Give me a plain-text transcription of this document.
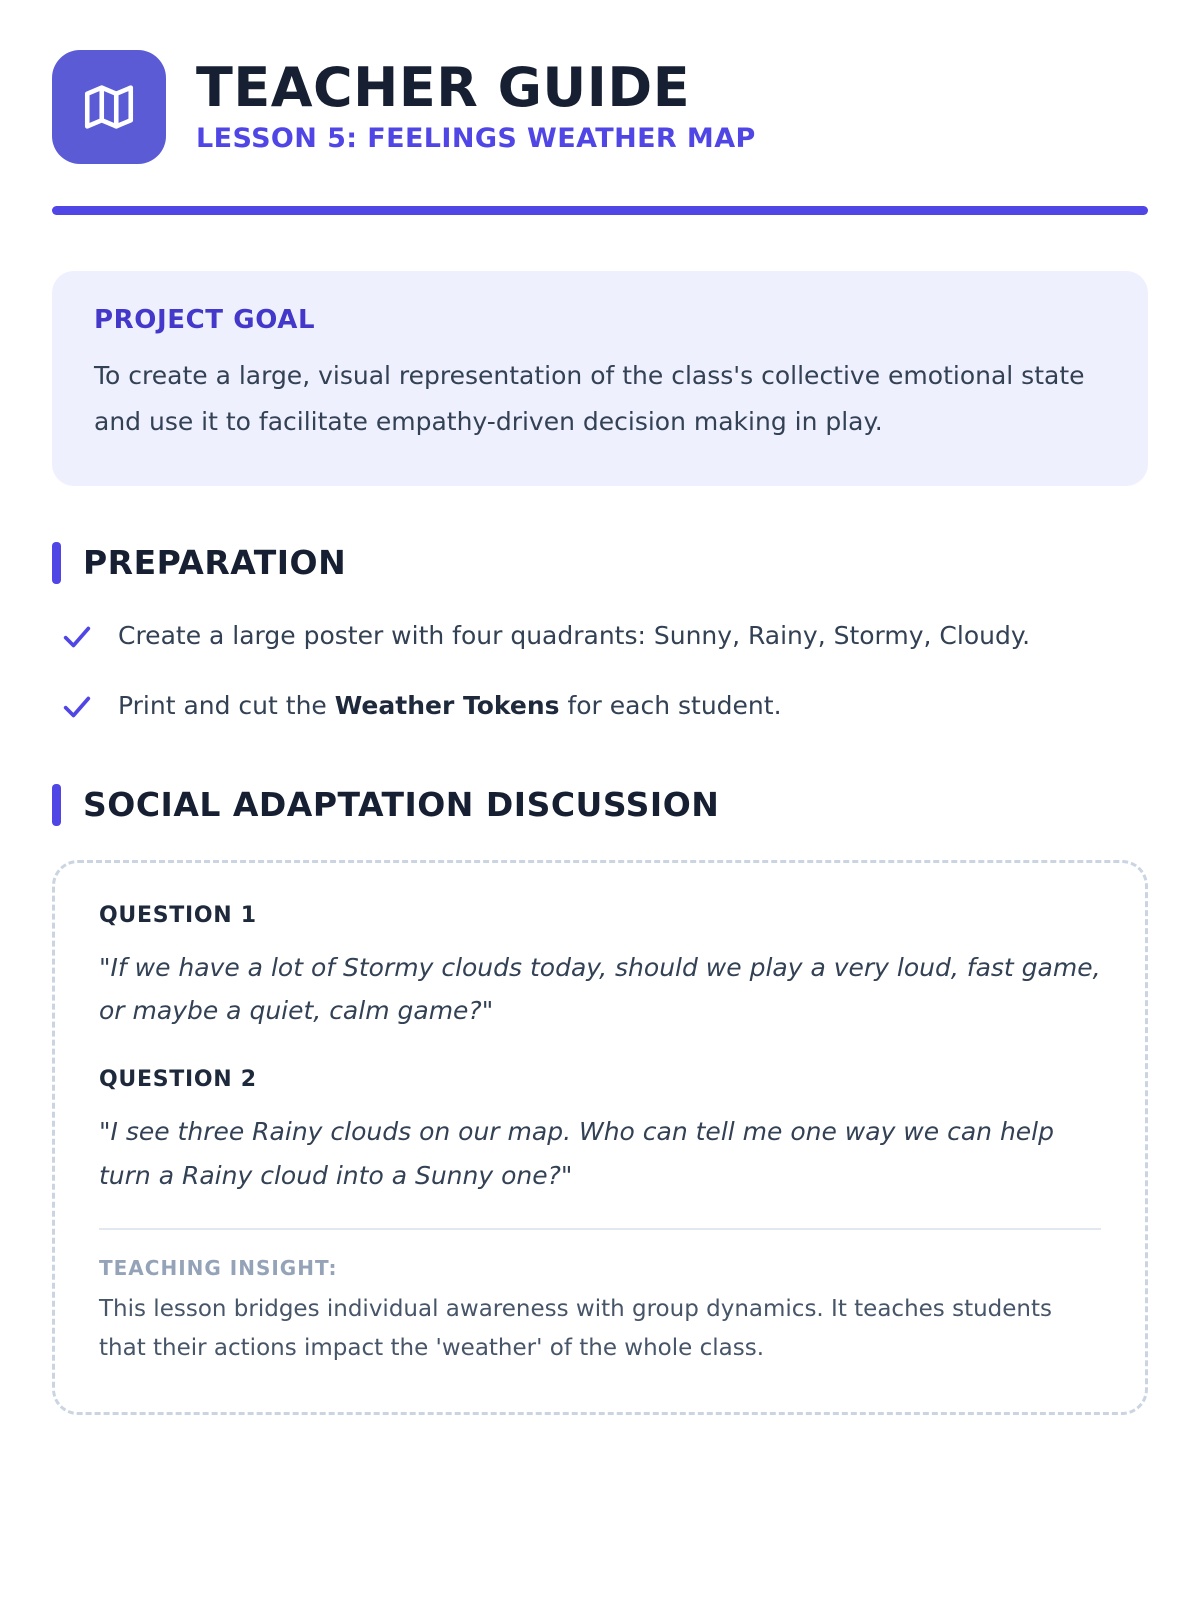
TEACHER GUIDE
LESSON 5: FEELINGS WEATHER MAP
PROJECT GOAL

To create a large, visual representation of the class's collective emotional state and use it to facilitate empathy-driven decision making in play.

PREPARATION
Create a large poster with four quadrants: Sunny, Rainy, Stormy, Cloudy.
Print and cut the Weather Tokens for each student.
SOCIAL ADAPTATION DISCUSSION
QUESTION 1

"If we have a lot of Stormy clouds today, should we play a very loud, fast game, or maybe a quiet, calm game?"

QUESTION 2

"I see three Rainy clouds on our map. Who can tell me one way we can help turn a Rainy cloud into a Sunny one?"

TEACHING INSIGHT:

This lesson bridges individual awareness with group dynamics. It teaches students that their actions impact the 'weather' of the whole class.
